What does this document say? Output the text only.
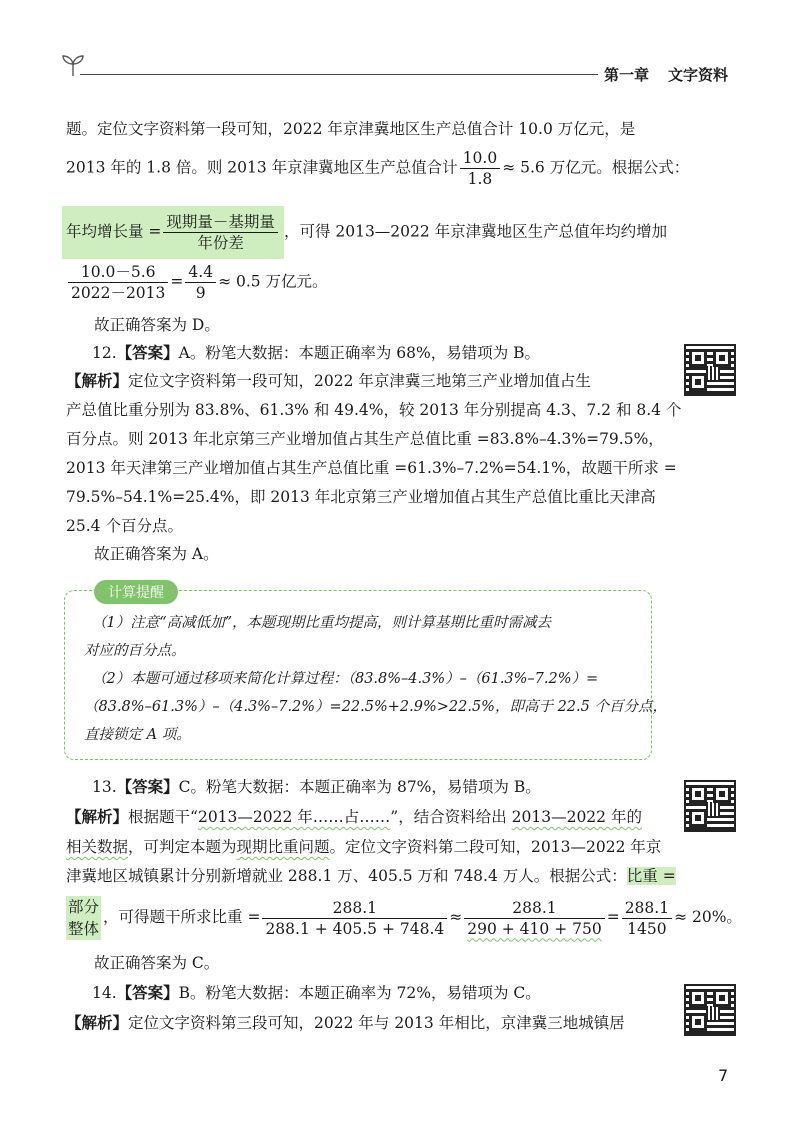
第一章 文字资料
题。定位文字资料第一段可知，2022 年京津冀地区生产总值合计 10.0 万亿元，是
2013 年的 1.8 倍。则 2013 年京津冀地区生产总值合计 $\frac{10.0}{1.8} \approx 5.6$ 万亿元。根据公式：
年均增长量 = $\frac{\text{现期量－基期量}}{\text{年份差}}$ ，可得 2013—2022 年京津冀地区生产总值年均约增加
$\frac{10.0-5.6}{2022-2013} = \frac{4.4}{9} \approx 0.5$ 万亿元。
故正确答案为 D。
12.【答案】A。粉笔大数据：本题正确率为 68%，易错项为 B。
【解析】定位文字资料第一段可知，2022 年京津冀三地第三产业增加值占生
产总值比重分别为 83.8%、61.3% 和 49.4%，较 2013 年分别提高 4.3、7.2 和 8.4 个
百分点。则 2013 年北京第三产业增加值占其生产总值比重 =83.8%–4.3%=79.5%，
2013 年天津第三产业增加值占其生产总值比重 =61.3%–7.2%=54.1%，故题干所求 =
79.5%–54.1%=25.4%，即 2013 年北京第三产业增加值占其生产总值比重比天津高
25.4 个百分点。
故正确答案为 A。
计算提醒
（1）注意“高减低加”，本题现期比重均提高，则计算基期比重时需减去
对应的百分点。
（2）本题可通过移项来简化计算过程：（83.8%–4.3%）–（61.3%–7.2%）=
（83.8%–61.3%）–（4.3%–7.2%）=22.5%+2.9%>22.5%，即高于 22.5 个百分点，
直接锁定 A 项。
13.【答案】C。粉笔大数据：本题正确率为 87%，易错项为 B。
【解析】根据题干“2013—2022 年……占……”，结合资料给出 2013—2022 年的
相关数据，可判定本题为现期比重问题。定位文字资料第二段可知，2013—2022 年京
津冀地区城镇累计分别新增就业 288.1 万、405.5 万和 748.4 万人。根据公式：比重 =
部分
整体
，可得题干所求比重 = $\frac{288.1}{288.1 + 405.5 + 748.4} \approx \frac{288.1}{290 + 410 + 750} = \frac{288.1}{1450} \approx 20\%$。
故正确答案为 C。
14.【答案】B。粉笔大数据：本题正确率为 72%，易错项为 C。
【解析】定位文字资料第三段可知，2022 年与 2013 年相比，京津冀三地城镇居
7
